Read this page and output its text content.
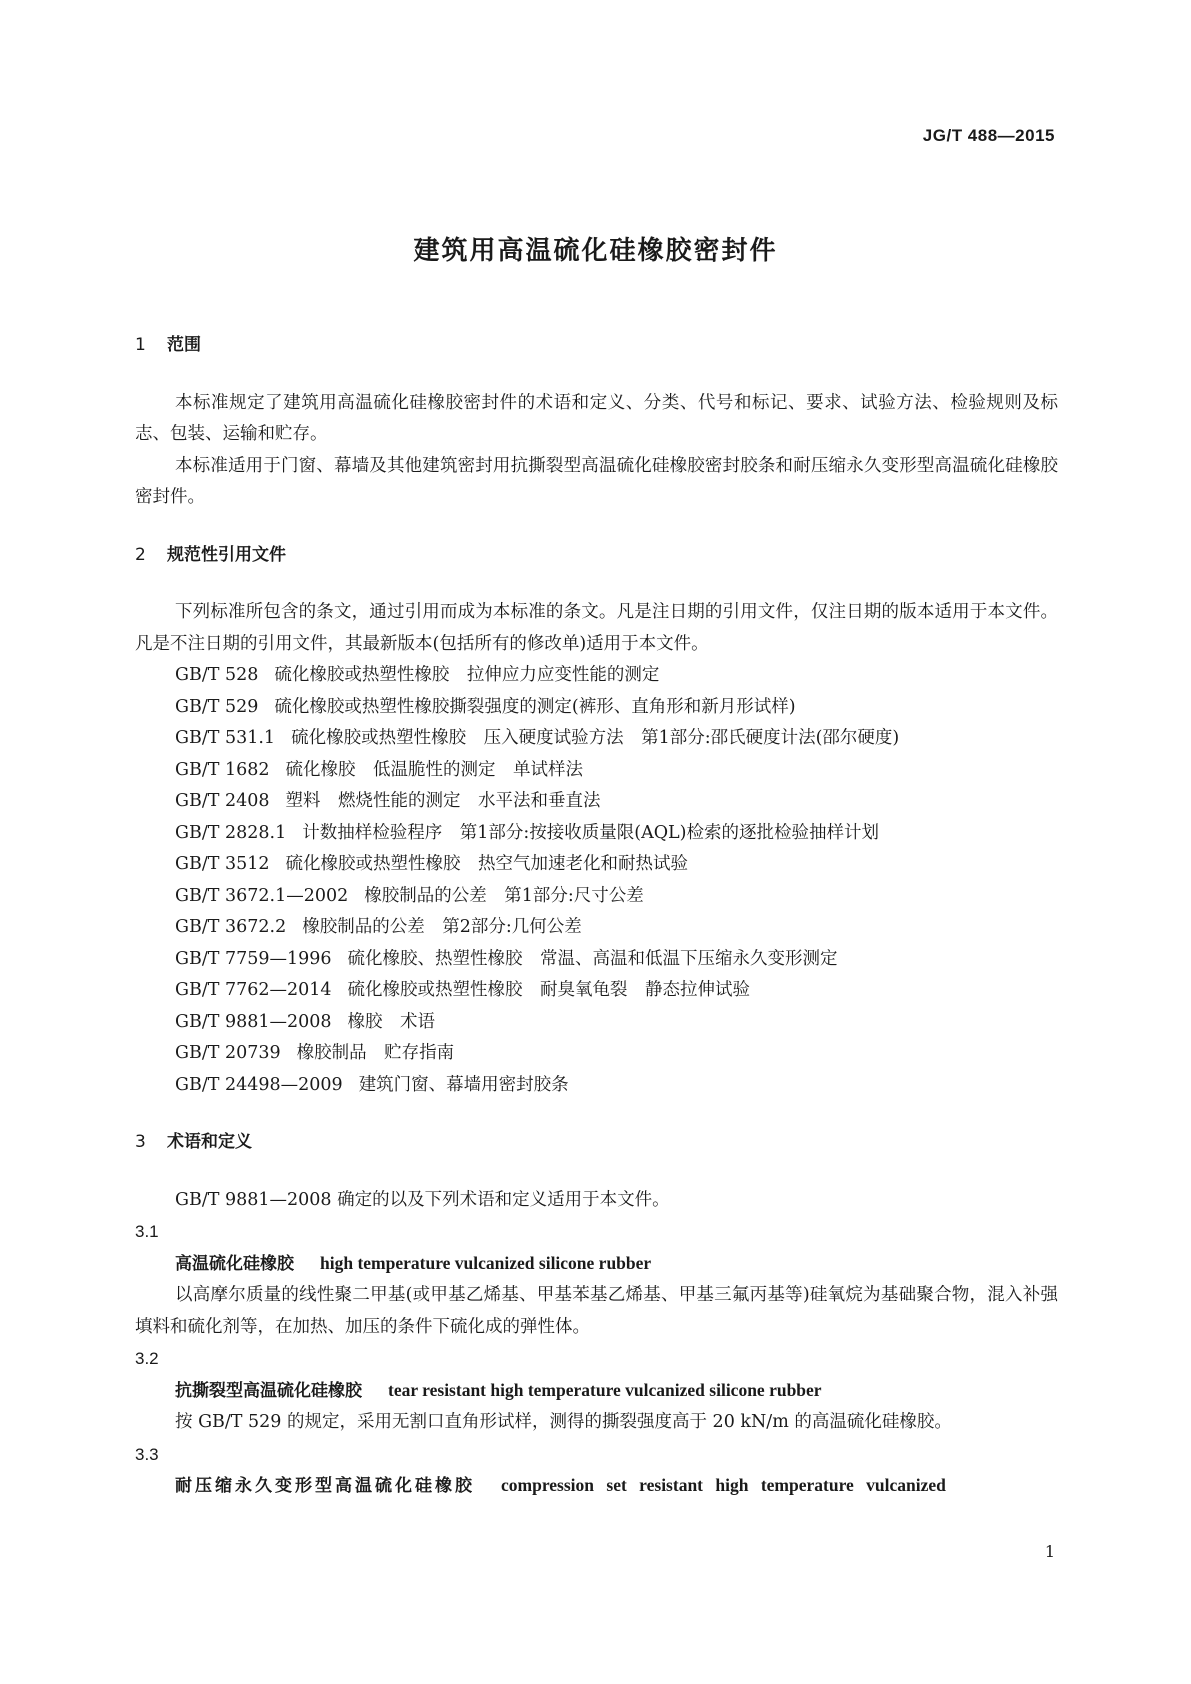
JG/T 488—2015
建筑用高温硫化硅橡胶密封件
1 范围

本标准规定了建筑用高温硫化硅橡胶密封件的术语和定义、分类、代号和标记、要求、试验方法、检验规则及标志、包装、运输和贮存。

本标准适用于门窗、幕墙及其他建筑密封用抗撕裂型高温硫化硅橡胶密封胶条和耐压缩永久变形型高温硫化硅橡胶密封件。

2 规范性引用文件

下列标准所包含的条文，通过引用而成为本标准的条文。凡是注日期的引用文件，仅注日期的版本适用于本文件。凡是不注日期的引用文件，其最新版本(包括所有的修改单)适用于本文件。

GB/T 528 硫化橡胶或热塑性橡胶　拉伸应力应变性能的测定

GB/T 529 硫化橡胶或热塑性橡胶撕裂强度的测定(裤形、直角形和新月形试样)

GB/T 531.1 硫化橡胶或热塑性橡胶　压入硬度试验方法　第1部分:邵氏硬度计法(邵尔硬度)

GB/T 1682 硫化橡胶　低温脆性的测定　单试样法

GB/T 2408 塑料　燃烧性能的测定　水平法和垂直法

GB/T 2828.1 计数抽样检验程序　第1部分:按接收质量限(AQL)检索的逐批检验抽样计划

GB/T 3512 硫化橡胶或热塑性橡胶　热空气加速老化和耐热试验

GB/T 3672.1—2002 橡胶制品的公差　第1部分:尺寸公差

GB/T 3672.2 橡胶制品的公差　第2部分:几何公差

GB/T 7759—1996 硫化橡胶、热塑性橡胶　常温、高温和低温下压缩永久变形测定

GB/T 7762—2014 硫化橡胶或热塑性橡胶　耐臭氧龟裂　静态拉伸试验

GB/T 9881—2008 橡胶　术语

GB/T 20739 橡胶制品　贮存指南

GB/T 24498—2009 建筑门窗、幕墙用密封胶条

3 术语和定义

GB/T 9881—2008 确定的以及下列术语和定义适用于本文件。

3.1

高温硫化硅橡胶 high temperature vulcanized silicone rubber

以高摩尔质量的线性聚二甲基(或甲基乙烯基、甲基苯基乙烯基、甲基三氟丙基等)硅氧烷为基础聚合物，混入补强填料和硫化剂等，在加热、加压的条件下硫化成的弹性体。

3.2

抗撕裂型高温硫化硅橡胶 tear resistant high temperature vulcanized silicone rubber

按 GB/T 529 的规定，采用无割口直角形试样，测得的撕裂强度高于 20 kN/m 的高温硫化硅橡胶。

3.3

耐压缩永久变形型高温硫化硅橡胶 compression set resistant high temperature vulcanized

1
